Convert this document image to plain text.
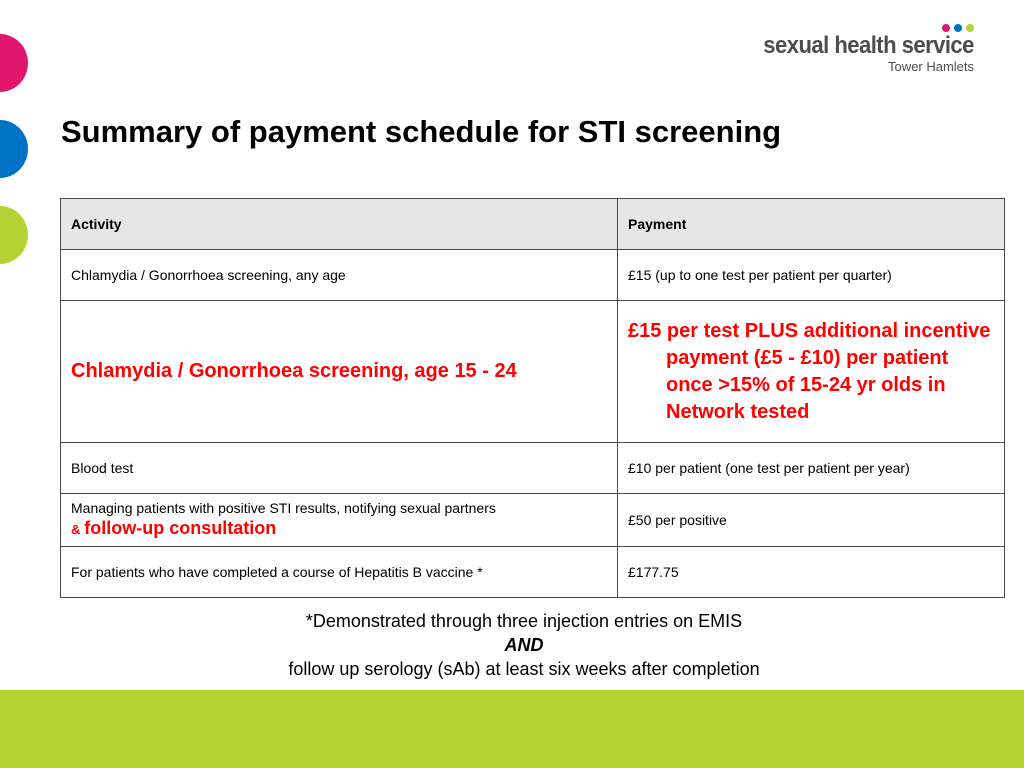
sexual health service
Tower Hamlets
Summary of payment schedule for STI screening
Activity	Payment
Chlamydia / Gonorrhoea screening, any age	£15 (up to one test per patient per quarter)
Chlamydia / Gonorrhoea screening, age 15 - 24	£15 per test PLUS additional incentive payment (£5 - £10) per patient once >15% of 15-24 yr olds in Network tested

Blood test	£10 per patient (one test per patient per year)

Managing patients with positive STI results, notifying sexual partners
& follow-up consultation	£50 per positive
For patients who have completed a course of Hepatitis B vaccine *	£177.75
*Demonstrated through three injection entries on EMIS
AND
follow up serology (sAb) at least six weeks after completion
